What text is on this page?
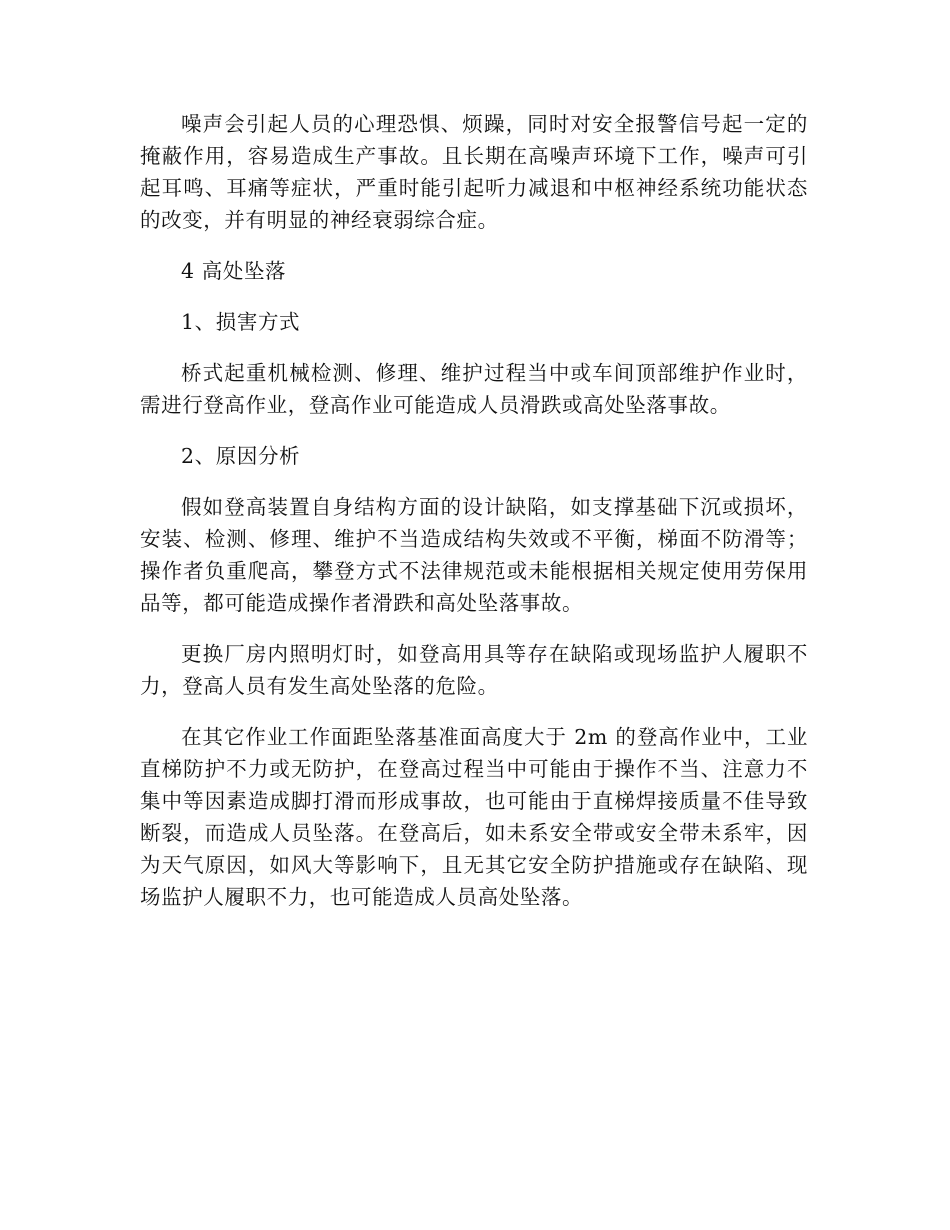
噪声会引起人员的心理恐惧、烦躁，同时对安全报警信号起一定的掩蔽作用，容易造成生产事故。且长期在高噪声环境下工作，噪声可引起耳鸣、耳痛等症状，严重时能引起听力减退和中枢神经系统功能状态的改变，并有明显的神经衰弱综合症。

4 高处坠落

1、损害方式

桥式起重机械检测、修理、维护过程当中或车间顶部维护作业时，需进行登高作业，登高作业可能造成人员滑跌或高处坠落事故。

2、原因分析

假如登高装置自身结构方面的设计缺陷，如支撑基础下沉或损坏，安装、检测、修理、维护不当造成结构失效或不平衡，梯面不防滑等；操作者负重爬高，攀登方式不法律规范或未能根据相关规定使用劳保用品等，都可能造成操作者滑跌和高处坠落事故。

更换厂房内照明灯时，如登高用具等存在缺陷或现场监护人履职不力，登高人员有发生高处坠落的危险。

在其它作业工作面距坠落基准面高度大于 2m 的登高作业中，工业直梯防护不力或无防护，在登高过程当中可能由于操作不当、注意力不集中等因素造成脚打滑而形成事故，也可能由于直梯焊接质量不佳导致断裂，而造成人员坠落。在登高后，如未系安全带或安全带未系牢，因为天气原因，如风大等影响下，且无其它安全防护措施或存在缺陷、现场监护人履职不力，也可能造成人员高处坠落。
